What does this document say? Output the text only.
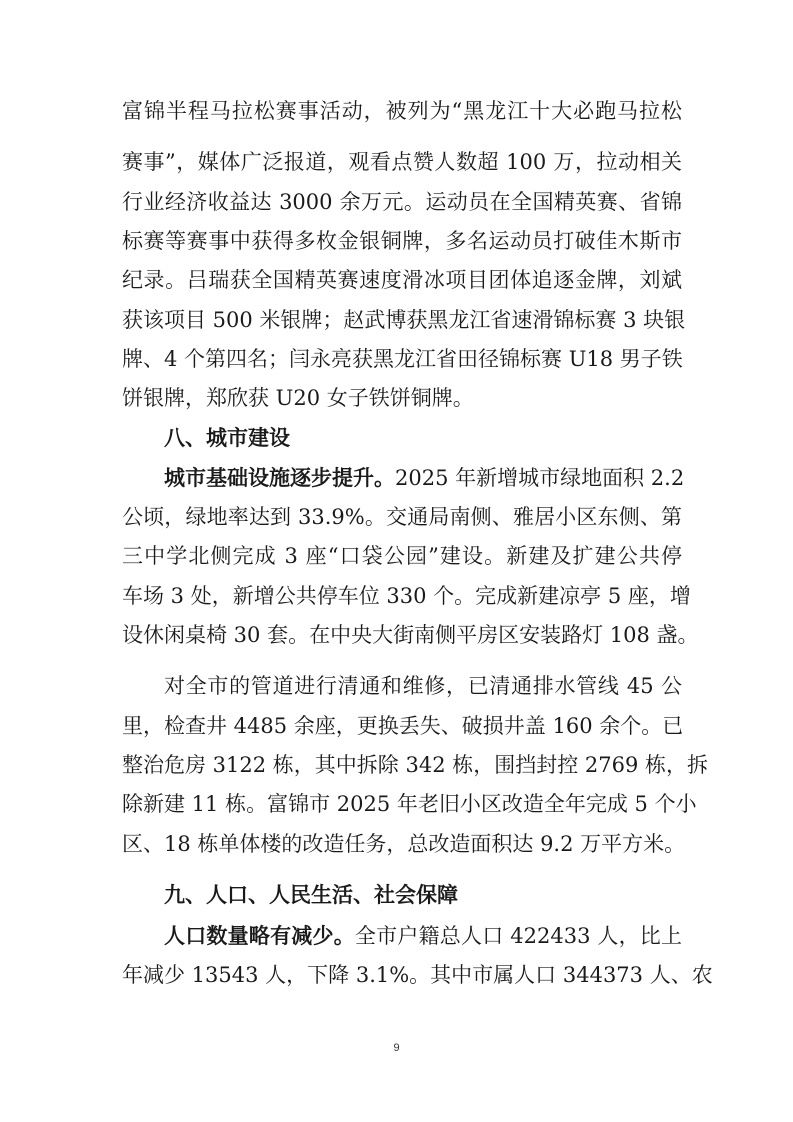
富锦半程马拉松赛事活动，被列为“黑龙江十大必跑马拉松
赛事”，媒体广泛报道，观看点赞人数超 100 万，拉动相关
行业经济收益达 3000 余万元。运动员在全国精英赛、省锦
标赛等赛事中获得多枚金银铜牌，多名运动员打破佳木斯市
纪录。吕瑞获全国精英赛速度滑冰项目团体追逐金牌，刘斌
获该项目 500 米银牌；赵武博获黑龙江省速滑锦标赛 3 块银
牌、4 个第四名；闫永亮获黑龙江省田径锦标赛 U18 男子铁
饼银牌，郑欣获 U20 女子铁饼铜牌。
八、城市建设
城市基础设施逐步提升。2025 年新增城市绿地面积 2.2
公顷，绿地率达到 33.9%。交通局南侧、雅居小区东侧、第
三中学北侧完成 3 座“口袋公园”建设。新建及扩建公共停
车场 3 处，新增公共停车位 330 个。完成新建凉亭 5 座，增
设休闲桌椅 30 套。在中央大街南侧平房区安装路灯 108 盏。
对全市的管道进行清通和维修，已清通排水管线 45 公
里，检查井 4485 余座，更换丢失、破损井盖 160 余个。已
整治危房 3122 栋，其中拆除 342 栋，围挡封控 2769 栋，拆
除新建 11 栋。富锦市 2025 年老旧小区改造全年完成 5 个小
区、18 栋单体楼的改造任务，总改造面积达 9.2 万平方米。
九、人口、人民生活、社会保障
人口数量略有减少。全市户籍总人口 422433 人，比上
年减少 13543 人，下降 3.1%。其中市属人口 344373 人、农
9
